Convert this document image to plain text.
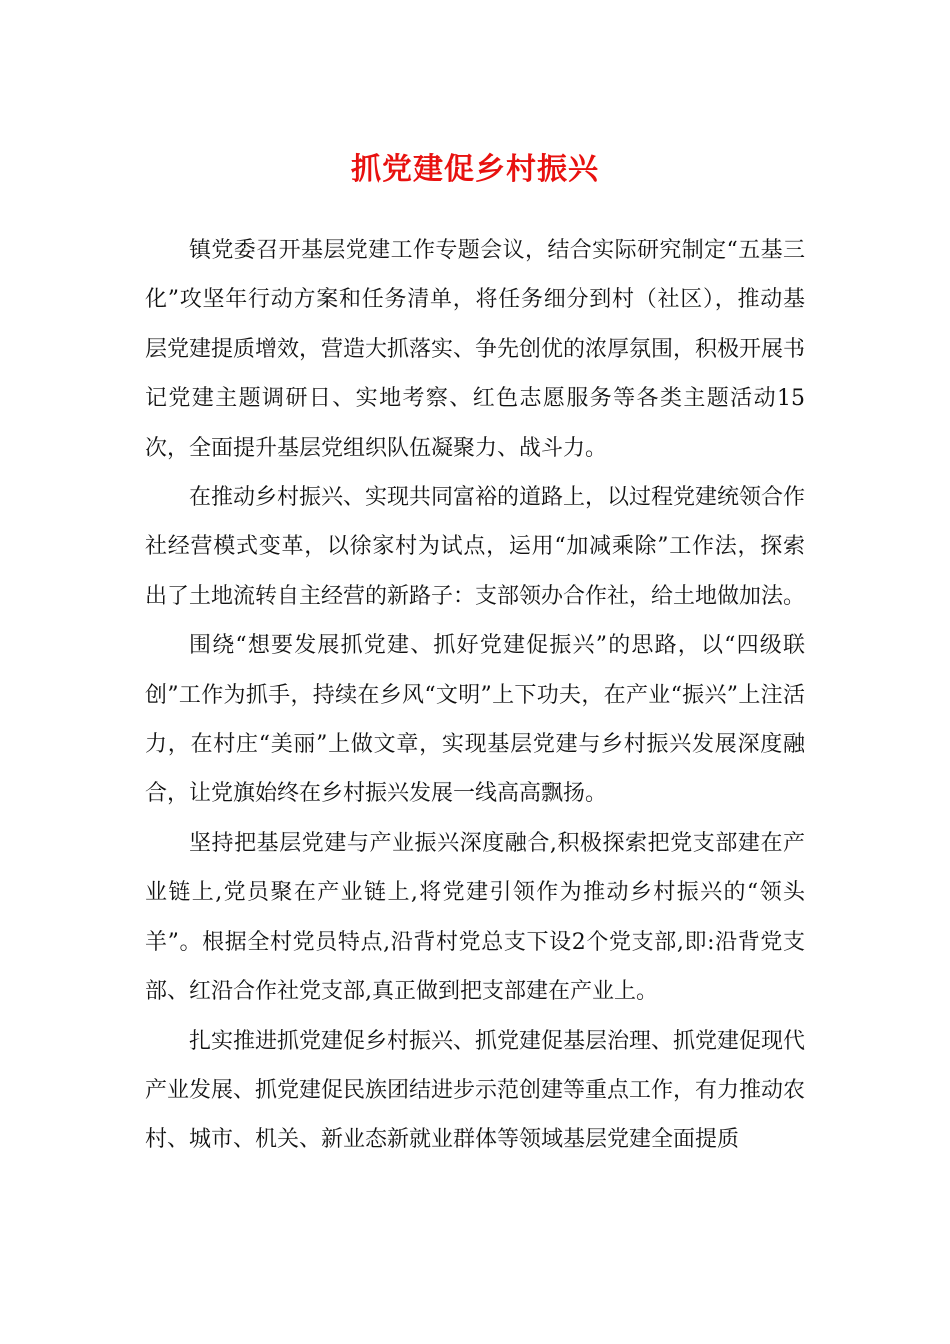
抓党建促乡村振兴

镇党委召开基层党建工作专题会议，结合实际研究制定“五基三化”攻坚年行动方案和任务清单，将任务细分到村（社区），推动基层党建提质增效，营造大抓落实、争先创优的浓厚氛围，积极开展书记党建主题调研日、实地考察、红色志愿服务等各类主题活动15次，全面提升基层党组织队伍凝聚力、战斗力。

在推动乡村振兴、实现共同富裕的道路上，以过程党建统领合作社经营模式变革，以徐家村为试点，运用“加减乘除”工作法，探索出了土地流转自主经营的新路子：支部领办合作社，给土地做加法。

围绕“想要发展抓党建、抓好党建促振兴”的思路，以“四级联创”工作为抓手，持续在乡风“文明”上下功夫，在产业“振兴”上注活力，在村庄“美丽”上做文章，实现基层党建与乡村振兴发展深度融合，让党旗始终在乡村振兴发展一线高高飘扬。

坚持把基层党建与产业振兴深度融合,积极探索把党支部建在产业链上,党员聚在产业链上,将党建引领作为推动乡村振兴的“领头羊”。根据全村党员特点,沿背村党总支下设2个党支部,即:沿背党支部、红沿合作社党支部,真正做到把支部建在产业上。

扎实推进抓党建促乡村振兴、抓党建促基层治理、抓党建促现代产业发展、抓党建促民族团结进步示范创建等重点工作，有力推动农村、城市、机关、新业态新就业群体等领域基层党建全面提质
